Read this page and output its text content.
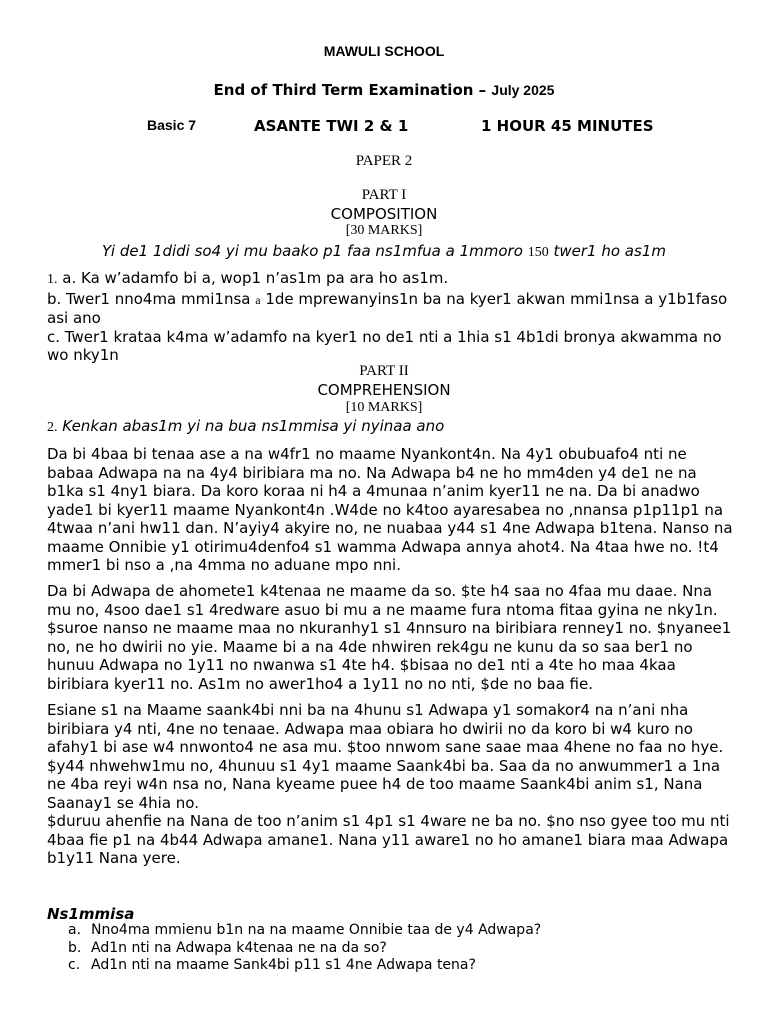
MAWULI SCHOOL
End of Third Term Examination – July 2025
Basic 7	ASANTE TWI 2 & 1	1 HOUR 45 MINUTES
PAPER 2
PART I
COMPOSITION
[30 MARKS]
Yi de1 1didi so4 yi mu baako p1 faa ns1mfua a 1mmoro 150 twer1 ho as1m

1. a. Ka w’adamfo bi a, wop1 n’as1m pa ara ho as1m.

b. Twer1 nno4ma mmi1nsa a 1de mprewanyins1n ba na kyer1 akwan mmi1nsa a y1b1faso asi ano

c. Twer1 krataa k4ma w’adamfo na kyer1 no de1 nti a 1hia s1 4b1di bronya akwamma no wo nky1n

PART II
COMPREHENSION
[10 MARKS]
2. Kenkan abas1m yi na bua ns1mmisa yi nyinaa ano

Da bi 4baa bi tenaa ase a na w4fr1 no maame Nyankont4n. Na 4y1 obubuafo4 nti ne babaa Adwapa na na 4y4 biribiara ma no. Na Adwapa b4 ne ho mm4den y4 de1 ne na b1ka s1 4ny1 biara. Da koro koraa ni h4 a 4munaa n’anim kyer11 ne na. Da bi anadwo yade1 bi kyer11 maame Nyankont4n .W4de no k4too ayaresabea no ,nnansa p1p11p1 na 4twaa n’ani hw11 dan. N’ayiy4 akyire no, ne nuabaa y44 s1 4ne Adwapa b1tena. Nanso na maame Onnibie y1 otirimu4denfo4 s1 wamma Adwapa annya ahot4. Na 4taa hwe no. !t4 mmer1 bi nso a ,na 4mma no aduane mpo nni.

Da bi Adwapa de ahomete1 k4tenaa ne maame da so. $te h4 saa no 4faa mu daae. Nna mu no, 4soo dae1 s1 4redware asuo bi mu a ne maame fura ntoma fitaa gyina ne nky1n. $suroe nanso ne maame maa no nkuranhy1 s1 4nnsuro na biribiara renney1 no. $nyanee1 no, ne ho dwirii no yie. Maame bi a na 4de nhwiren rek4gu ne kunu da so saa ber1 no hunuu Adwapa no 1y11 no nwanwa s1 4te h4. $bisaa no de1 nti a 4te ho maa 4kaa biribiara kyer11 no. As1m no awer1ho4 a 1y11 no no nti, $de no baa fie.

Esiane s1 na Maame saank4bi nni ba na 4hunu s1 Adwapa y1 somakor4 na n’ani nha biribiara y4 nti, 4ne no tenaae. Adwapa maa obiara ho dwirii no da koro bi w4 kuro no afahy1 bi ase w4 nnwonto4 ne asa mu. $too nnwom sane saae maa 4hene no faa no hye.

$y44 nhwehw1mu no, 4hunuu s1 4y1 maame Saank4bi ba. Saa da no anwummer1 a 1na ne 4ba reyi w4n nsa no, Nana kyeame puee h4 de too maame Saank4bi anim s1, Nana Saanay1 se 4hia no.

$duruu ahenfie na Nana de too n’anim s1 4p1 s1 4ware ne ba no. $no nso gyee too mu nti 4baa fie p1 na 4b44 Adwapa amane1. Nana y11 aware1 no ho amane1 biara maa Adwapa b1y11 Nana yere.

Ns1mmisa
a. Nno4ma mmienu b1n na na maame Onnibie taa de y4 Adwapa?
b. Ad1n nti na Adwapa k4tenaa ne na da so?
c. Ad1n nti na maame Sank4bi p11 s1 4ne Adwapa tena?
